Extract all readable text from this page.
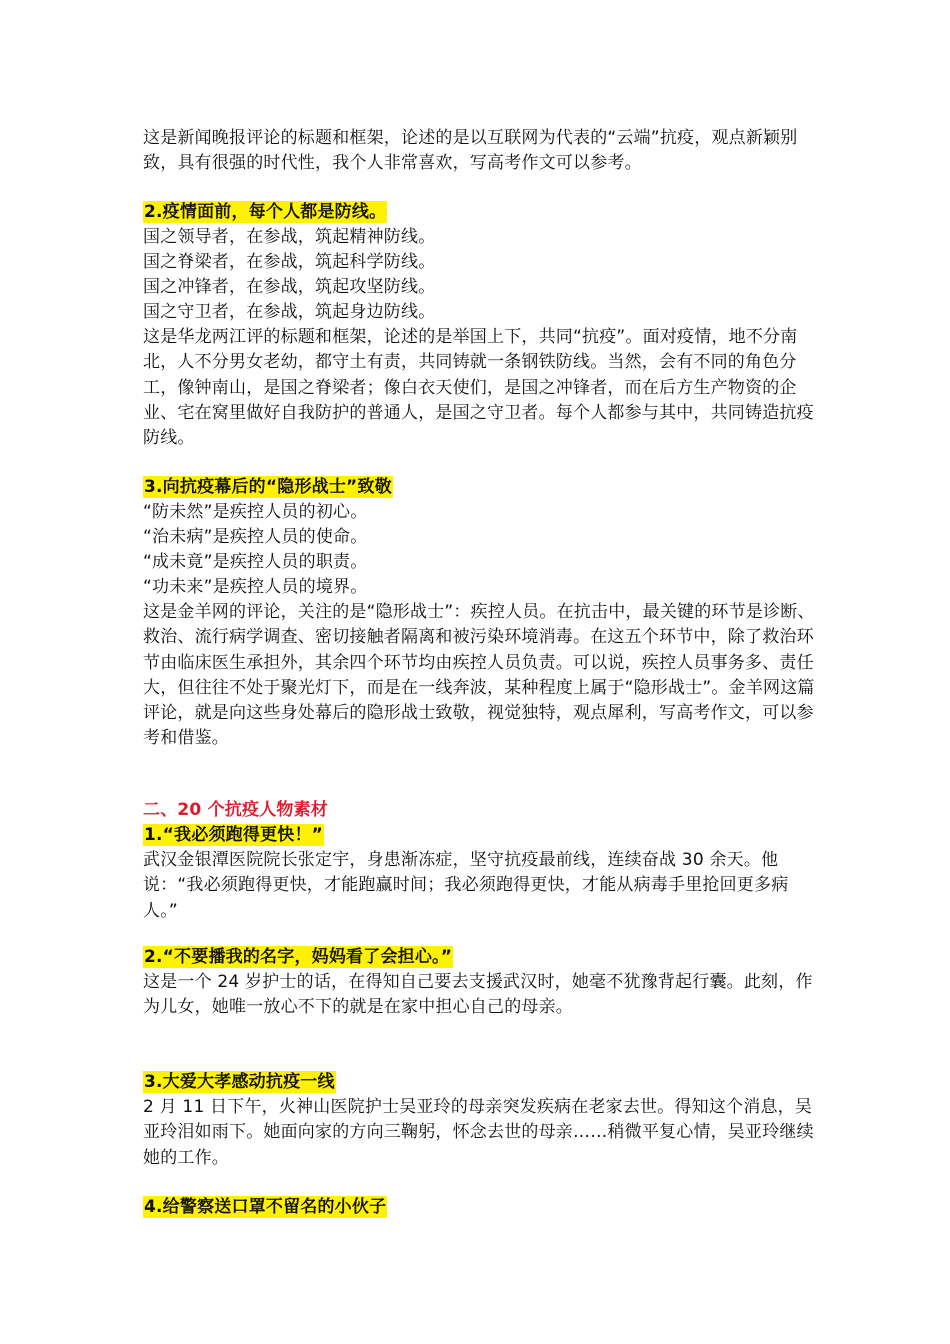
这是新闻晚报评论的标题和框架，论述的是以互联网为代表的“云端”抗疫，观点新颖别致，具有很强的时代性，我个人非常喜欢，写高考作文可以参考。

2.疫情面前，每个人都是防线。
国之领导者，在参战，筑起精神防线。
国之脊梁者，在参战，筑起科学防线。
国之冲锋者，在参战，筑起攻坚防线。
国之守卫者，在参战，筑起身边防线。

这是华龙两江评的标题和框架，论述的是举国上下，共同“抗疫”。面对疫情，地不分南北，人不分男女老幼，都守土有责，共同铸就一条钢铁防线。当然，会有不同的角色分工，像钟南山，是国之脊梁者；像白衣天使们，是国之冲锋者，而在后方生产物资的企业、宅在窝里做好自我防护的普通人，是国之守卫者。每个人都参与其中，共同铸造抗疫防线。

3.向抗疫幕后的“隐形战士”致敬
“防未然”是疾控人员的初心。
“治未病”是疾控人员的使命。
“成未竟”是疾控人员的职责。
“功未来”是疾控人员的境界。

这是金羊网的评论，关注的是“隐形战士”：疾控人员。在抗击中，最关键的环节是诊断、救治、流行病学调查、密切接触者隔离和被污染环境消毒。在这五个环节中，除了救治环节由临床医生承担外，其余四个环节均由疾控人员负责。可以说，疾控人员事务多、责任大，但往往不处于聚光灯下，而是在一线奔波，某种程度上属于“隐形战士”。金羊网这篇评论，就是向这些身处幕后的隐形战士致敬，视觉独特，观点犀利，写高考作文，可以参考和借鉴。

二、20 个抗疫人物素材
1.“我必须跑得更快！”

武汉金银潭医院院长张定宇，身患渐冻症，坚守抗疫最前线，连续奋战 30 余天。他说：“我必须跑得更快，才能跑赢时间；我必须跑得更快，才能从病毒手里抢回更多病人。”

2.“不要播我的名字，妈妈看了会担心。”

这是一个 24 岁护士的话，在得知自己要去支援武汉时，她毫不犹豫背起行囊。此刻，作为儿女，她唯一放心不下的就是在家中担心自己的母亲。

3.大爱大孝感动抗疫一线

2 月 11 日下午，火神山医院护士吴亚玲的母亲突发疾病在老家去世。得知这个消息，吴亚玲泪如雨下。她面向家的方向三鞠躬，怀念去世的母亲……稍微平复心情，吴亚玲继续她的工作。

4.给警察送口罩不留名的小伙子
